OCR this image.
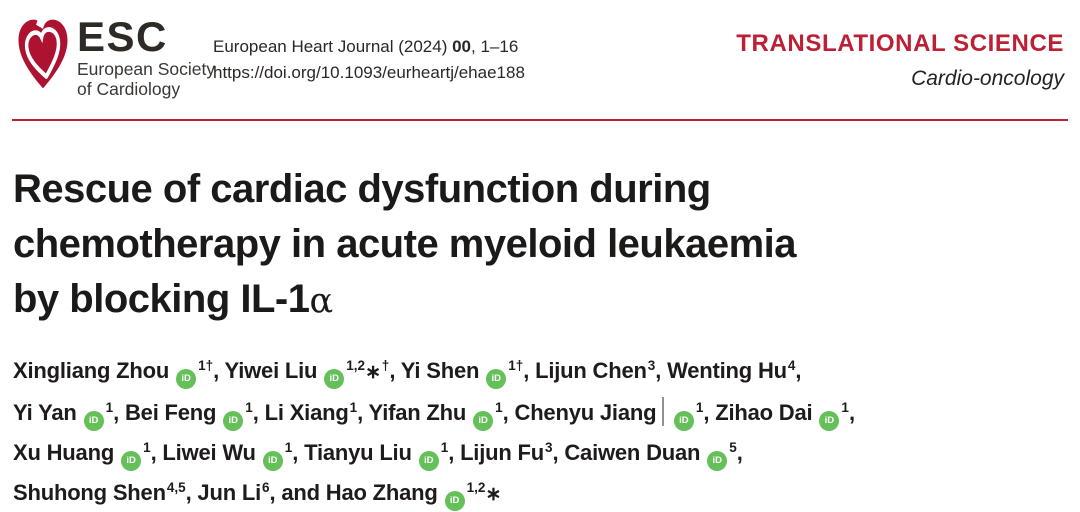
ESC
European Society
of Cardiology
European Heart Journal (2024) 00, 1–16
https://doi.org/10.1093/eurheartj/ehae188
TRANSLATIONAL SCIENCE
Cardio-oncology
Rescue of cardiac dysfunction during
chemotherapy in acute myeloid leukaemia
by blocking IL-1α
Xingliang Zhou $iD^{1\dagger}$, Yiwei Liu iD$^{1,2}$∗†, Yi Shen $iD^{1\dagger}$, Lijun Chen$^3$, Wenting Hu$^4$,
Yi Yan $iD^1$, Bei Feng $iD^1$, Li Xiang$^1$, Yifan Zhu $iD^1$, Chenyu Jiang $iD^1$, Zihao Dai $iD^1$,
Xu Huang $iD^1$, Liwei Wu $iD^1$, Tianyu Liu $iD^1$, Lijun Fu$^3$, Caiwen Duan $iD^5$,
Shuhong Shen$^{4,5}$, Jun Li$^6$, and Hao Zhang iD$^{1,2}$∗
